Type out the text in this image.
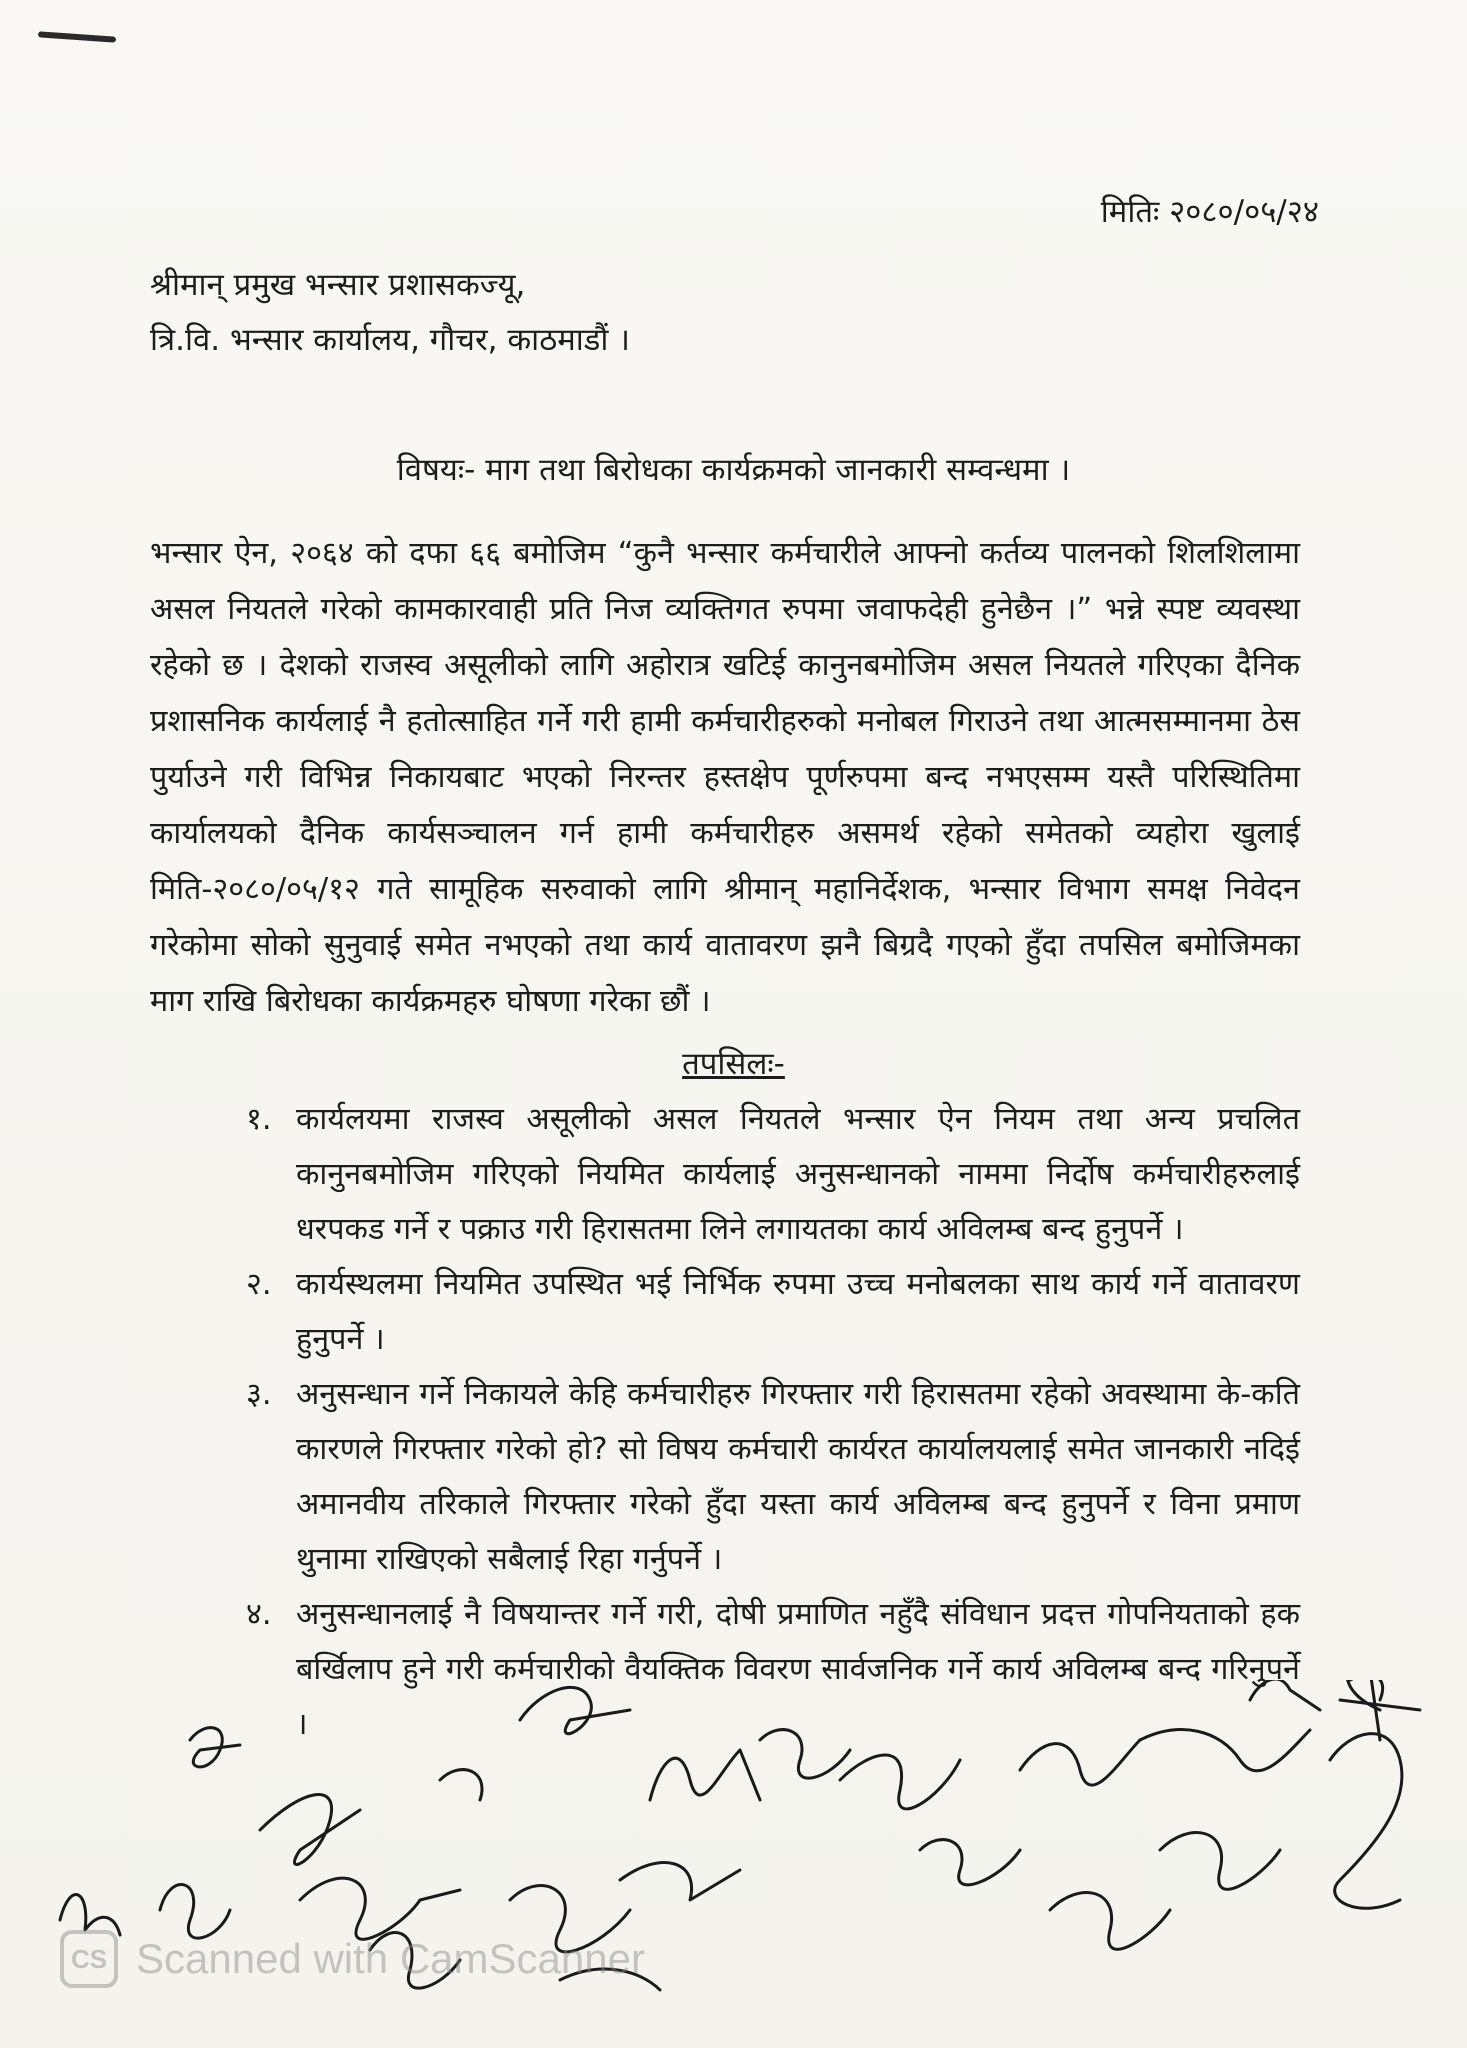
मितिः २०८०/०५/२४
श्रीमान् प्रमुख भन्सार प्रशासकज्यू,
त्रि.वि. भन्सार कार्यालय, गौचर, काठमाडौं ।
विषयः- माग तथा बिरोधका कार्यक्रमको जानकारी सम्वन्धमा ।
भन्सार ऐन, २०६४ को दफा ६६ बमोजिम “कुनै भन्सार कर्मचारीले आफ्नो कर्तव्य पालनको शिलशिलामा असल नियतले गरेको कामकारवाही प्रति निज व्यक्तिगत रुपमा जवाफदेही हुनेछैन ।” भन्ने स्पष्ट व्यवस्था रहेको छ । देशको राजस्व असूलीको लागि अहोरात्र खटिई कानुनबमोजिम असल नियतले गरिएका दैनिक प्रशासनिक कार्यलाई नै हतोत्साहित गर्ने गरी हामी कर्मचारीहरुको मनोबल गिराउने तथा आत्मसम्मानमा ठेस पुर्याउने गरी विभिन्न निकायबाट भएको निरन्तर हस्तक्षेप पूर्णरुपमा बन्द नभएसम्म यस्तै परिस्थितिमा कार्यालयको दैनिक कार्यसञ्चालन गर्न हामी कर्मचारीहरु असमर्थ रहेको समेतको व्यहोरा खुलाई मिति-२०८०/०५/१२ गते सामूहिक सरुवाको लागि श्रीमान् महानिर्देशक, भन्सार विभाग समक्ष निवेदन गरेकोमा सोको सुनुवाई समेत नभएको तथा कार्य वातावरण झनै बिग्रदै गएको हुँदा तपसिल बमोजिमका माग राखि बिरोधका कार्यक्रमहरु घोषणा गरेका छौं ।
तपसिलः-
१. कार्यलयमा राजस्व असूलीको असल नियतले भन्सार ऐन नियम तथा अन्य प्रचलित कानुनबमोजिम गरिएको नियमित कार्यलाई अनुसन्धानको नाममा निर्दोष कर्मचारीहरुलाई धरपकड गर्ने र पक्राउ गरी हिरासतमा लिने लगायतका कार्य अविलम्ब बन्द हुनुपर्ने ।
२. कार्यस्थलमा नियमित उपस्थित भई निर्भिक रुपमा उच्च मनोबलका साथ कार्य गर्ने वातावरण हुनुपर्ने ।
३. अनुसन्धान गर्ने निकायले केहि कर्मचारीहरु गिरफ्तार गरी हिरासतमा रहेको अवस्थामा के-कति कारणले गिरफ्तार गरेको हो? सो विषय कर्मचारी कार्यरत कार्यालयलाई समेत जानकारी नदिई अमानवीय तरिकाले गिरफ्तार गरेको हुँदा यस्ता कार्य अविलम्ब बन्द हुनुपर्ने र विना प्रमाण थुनामा राखिएको सबैलाई रिहा गर्नुपर्ने ।
४. अनुसन्धानलाई नै विषयान्तर गर्ने गरी, दोषी प्रमाणित नहुँदै संविधान प्रदत्त गोपनियताको हक बर्खिलाप हुने गरी कर्मचारीको वैयक्तिक विवरण सार्वजनिक गर्ने कार्य अविलम्ब बन्द गरिनुपर्ने ।
CS Scanned with CamScanner
